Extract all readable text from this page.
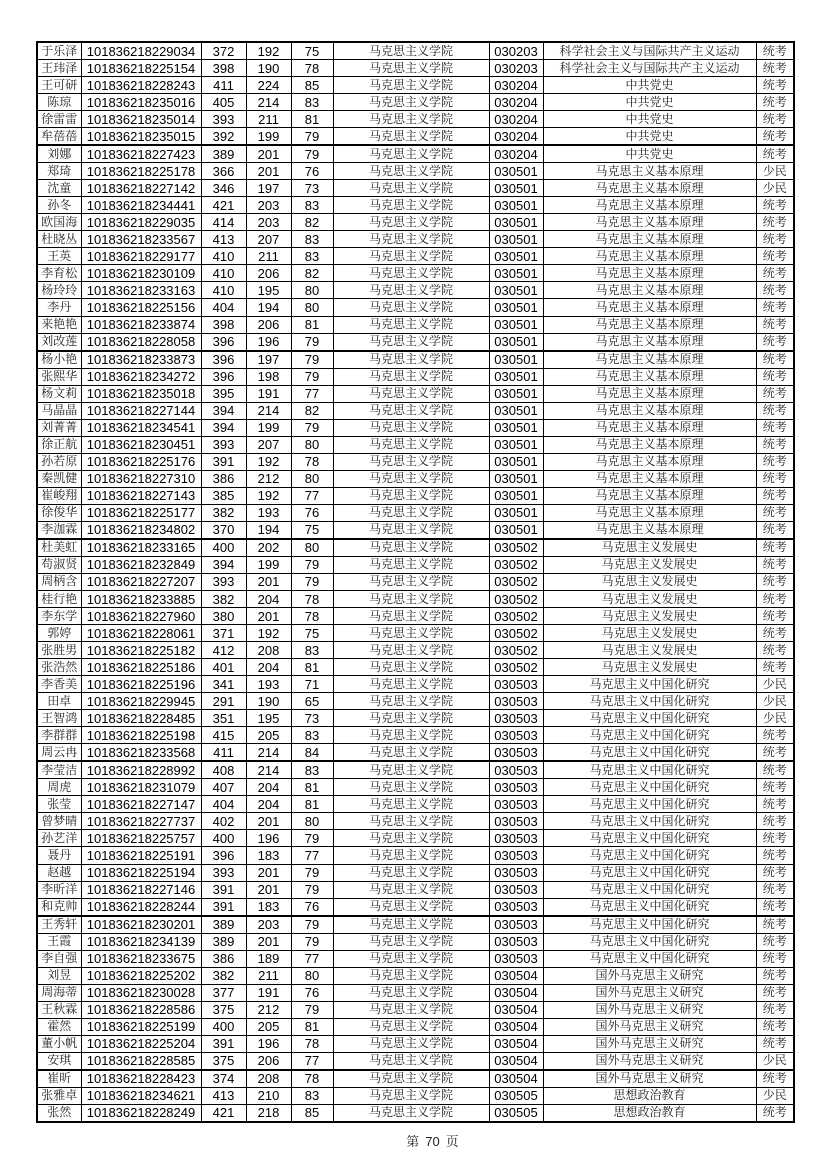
于乐泽	101836218229034	372	192	75	马克思主义学院	030203	科学社会主义与国际共产主义运动	统考
王玮泽	101836218225154	398	190	78	马克思主义学院	030203	科学社会主义与国际共产主义运动	统考
王可研	101836218228243	411	224	85	马克思主义学院	030204	中共党史	统考
陈琼	101836218235016	405	214	83	马克思主义学院	030204	中共党史	统考
徐雷雷	101836218235014	393	211	81	马克思主义学院	030204	中共党史	统考
牟蓓蓓	101836218235015	392	199	79	马克思主义学院	030204	中共党史	统考
刘娜	101836218227423	389	201	79	马克思主义学院	030204	中共党史	统考
郑琦	101836218225178	366	201	76	马克思主义学院	030501	马克思主义基本原理	少民
沈童	101836218227142	346	197	73	马克思主义学院	030501	马克思主义基本原理	少民
孙冬	101836218234441	421	203	83	马克思主义学院	030501	马克思主义基本原理	统考
欧国海	101836218229035	414	203	82	马克思主义学院	030501	马克思主义基本原理	统考
杜晓丛	101836218233567	413	207	83	马克思主义学院	030501	马克思主义基本原理	统考
王英	101836218229177	410	211	83	马克思主义学院	030501	马克思主义基本原理	统考
李育松	101836218230109	410	206	82	马克思主义学院	030501	马克思主义基本原理	统考
杨玲玲	101836218233163	410	195	80	马克思主义学院	030501	马克思主义基本原理	统考
李丹	101836218225156	404	194	80	马克思主义学院	030501	马克思主义基本原理	统考
来艳艳	101836218233874	398	206	81	马克思主义学院	030501	马克思主义基本原理	统考
刘改莲	101836218228058	396	196	79	马克思主义学院	030501	马克思主义基本原理	统考
杨小艳	101836218233873	396	197	79	马克思主义学院	030501	马克思主义基本原理	统考
张熙华	101836218234272	396	198	79	马克思主义学院	030501	马克思主义基本原理	统考
杨文莉	101836218235018	395	191	77	马克思主义学院	030501	马克思主义基本原理	统考
马晶晶	101836218227144	394	214	82	马克思主义学院	030501	马克思主义基本原理	统考
刘菁菁	101836218234541	394	199	79	马克思主义学院	030501	马克思主义基本原理	统考
徐正航	101836218230451	393	207	80	马克思主义学院	030501	马克思主义基本原理	统考
孙若原	101836218225176	391	192	78	马克思主义学院	030501	马克思主义基本原理	统考
秦凯健	101836218227310	386	212	80	马克思主义学院	030501	马克思主义基本原理	统考
崔峻翔	101836218227143	385	192	77	马克思主义学院	030501	马克思主义基本原理	统考
徐俊华	101836218225177	382	193	76	马克思主义学院	030501	马克思主义基本原理	统考
李泇霖	101836218234802	370	194	75	马克思主义学院	030501	马克思主义基本原理	统考
杜美虹	101836218233165	400	202	80	马克思主义学院	030502	马克思主义发展史	统考
苟淑贤	101836218232849	394	199	79	马克思主义学院	030502	马克思主义发展史	统考
周柄含	101836218227207	393	201	79	马克思主义学院	030502	马克思主义发展史	统考
桂行艳	101836218233885	382	204	78	马克思主义学院	030502	马克思主义发展史	统考
李东学	101836218227960	380	201	78	马克思主义学院	030502	马克思主义发展史	统考
郭婷	101836218228061	371	192	75	马克思主义学院	030502	马克思主义发展史	统考
张胜男	101836218225182	412	208	83	马克思主义学院	030502	马克思主义发展史	统考
张浩然	101836218225186	401	204	81	马克思主义学院	030502	马克思主义发展史	统考
李香美	101836218225196	341	193	71	马克思主义学院	030503	马克思主义中国化研究	少民
田卓	101836218229945	291	190	65	马克思主义学院	030503	马克思主义中国化研究	少民
王智鸿	101836218228485	351	195	73	马克思主义学院	030503	马克思主义中国化研究	少民
李群群	101836218225198	415	205	83	马克思主义学院	030503	马克思主义中国化研究	统考
周云冉	101836218233568	411	214	84	马克思主义学院	030503	马克思主义中国化研究	统考
李莹洁	101836218228992	408	214	83	马克思主义学院	030503	马克思主义中国化研究	统考
周虎	101836218231079	407	204	81	马克思主义学院	030503	马克思主义中国化研究	统考
张莹	101836218227147	404	204	81	马克思主义学院	030503	马克思主义中国化研究	统考
曾梦晴	101836218227737	402	201	80	马克思主义学院	030503	马克思主义中国化研究	统考
孙艺洋	101836218225757	400	196	79	马克思主义学院	030503	马克思主义中国化研究	统考
聂丹	101836218225191	396	183	77	马克思主义学院	030503	马克思主义中国化研究	统考
赵越	101836218225194	393	201	79	马克思主义学院	030503	马克思主义中国化研究	统考
李昕洋	101836218227146	391	201	79	马克思主义学院	030503	马克思主义中国化研究	统考
和克帅	101836218228244	391	183	76	马克思主义学院	030503	马克思主义中国化研究	统考
王秀轩	101836218230201	389	203	79	马克思主义学院	030503	马克思主义中国化研究	统考
王霞	101836218234139	389	201	79	马克思主义学院	030503	马克思主义中国化研究	统考
李自强	101836218233675	386	189	77	马克思主义学院	030503	马克思主义中国化研究	统考
刘昱	101836218225202	382	211	80	马克思主义学院	030504	国外马克思主义研究	统考
周海蒂	101836218230028	377	191	76	马克思主义学院	030504	国外马克思主义研究	统考
王秋霖	101836218228586	375	212	79	马克思主义学院	030504	国外马克思主义研究	统考
霍然	101836218225199	400	205	81	马克思主义学院	030504	国外马克思主义研究	统考
董小帆	101836218225204	391	196	78	马克思主义学院	030504	国外马克思主义研究	统考
安琪	101836218228585	375	206	77	马克思主义学院	030504	国外马克思主义研究	少民
崔昕	101836218228423	374	208	78	马克思主义学院	030504	国外马克思主义研究	统考
张雅卓	101836218234621	413	210	83	马克思主义学院	030505	思想政治教育	少民
张然	101836218228249	421	218	85	马克思主义学院	030505	思想政治教育	统考
第 70 页
